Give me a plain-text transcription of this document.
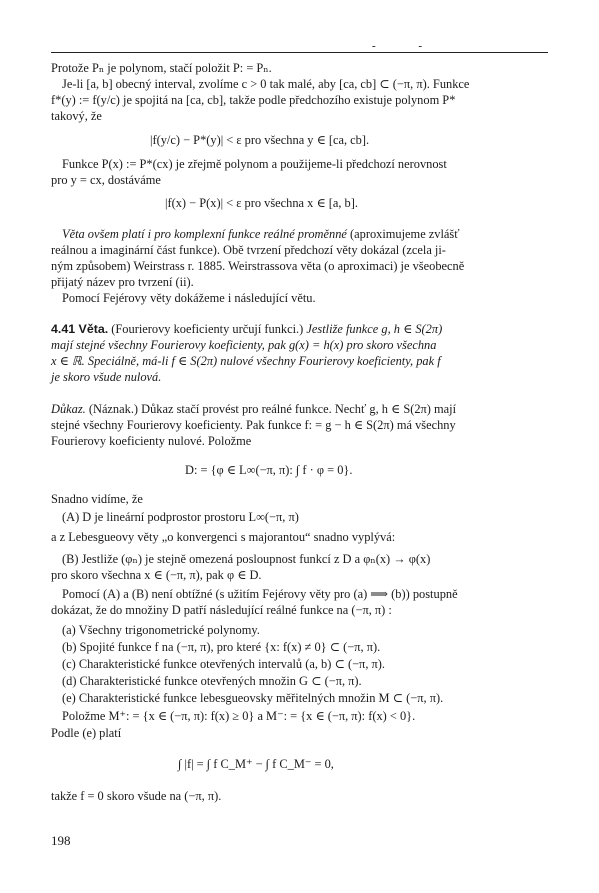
- -
Protože Pₙ je polynom, stačí položit P: = Pₙ.
Je-li [a, b] obecný interval, zvolíme c > 0 tak malé, aby [ca, cb] ⊂ (−π, π). Funkce
f*(y) := f(y/c) je spojitá na [ca, cb], takže podle předchozího existuje polynom P*
takový, že
|f(y/c) − P*(y)| < ε pro všechna y ∈ [ca, cb].
Funkce P(x) := P*(cx) je zřejmě polynom a použijeme-li předchozí nerovnost
pro y = cx, dostáváme
|f(x) − P(x)| < ε pro všechna x ∈ [a, b].
Věta ovšem platí i pro komplexní funkce reálné proměnné (aproximujeme zvlášť
reálnou a imaginární část funkce). Obě tvrzení předchozí věty dokázal (zcela ji-
ným způsobem) Weirstrass r. 1885. Weirstrassova věta (o aproximaci) je všeobecně
přijatý název pro tvrzení (ii).
Pomocí Fejérovy věty dokážeme i následující větu.
4.41 Věta. (Fourierovy koeficienty určují funkci.) Jestliže funkce g, h ∈ S(2π)
mají stejné všechny Fourierovy koeficienty, pak g(x) = h(x) pro skoro všechna
x ∈ ℝ. Speciálně, má-li f ∈ S(2π) nulové všechny Fourierovy koeficienty, pak f
je skoro všude nulová.
Důkaz. (Náznak.) Důkaz stačí provést pro reálné funkce. Nechť g, h ∈ S(2π) mají
stejné všechny Fourierovy koeficienty. Pak funkce f: = g − h ∈ S(2π) má všechny
Fourierovy koeficienty nulové. Položme
D: = {φ ∈ L∞(−π, π): ∫ f · φ = 0}.
Snadno vidíme, že
(A) D je lineární podprostor prostoru L∞(−π, π)
a z Lebesgueovy věty „o konvergenci s majorantou“ snadno vyplývá:
(B) Jestliže (φₙ) je stejně omezená posloupnost funkcí z D a φₙ(x) → φ(x)
pro skoro všechna x ∈ (−π, π), pak φ ∈ D.
Pomocí (A) a (B) není obtížné (s užitím Fejérovy věty pro (a) ⟹ (b)) postupně
dokázat, že do množiny D patří následující reálné funkce na (−π, π) :
(a) Všechny trigonometrické polynomy.
(b) Spojité funkce f na (−π, π), pro které {x: f(x) ≠ 0} ⊂ (−π, π).
(c) Charakteristické funkce otevřených intervalů (a, b) ⊂ (−π, π).
(d) Charakteristické funkce otevřených množin G ⊂ (−π, π).
(e) Charakteristické funkce lebesgueovsky měřitelných množin M ⊂ (−π, π).
Položme M⁺: = {x ∈ (−π, π): f(x) ≥ 0} a M⁻: = {x ∈ (−π, π): f(x) < 0}.
Podle (e) platí
∫ |f| = ∫ f C_M⁺ − ∫ f C_M⁻ = 0,
takže f = 0 skoro všude na (−π, π).
198
